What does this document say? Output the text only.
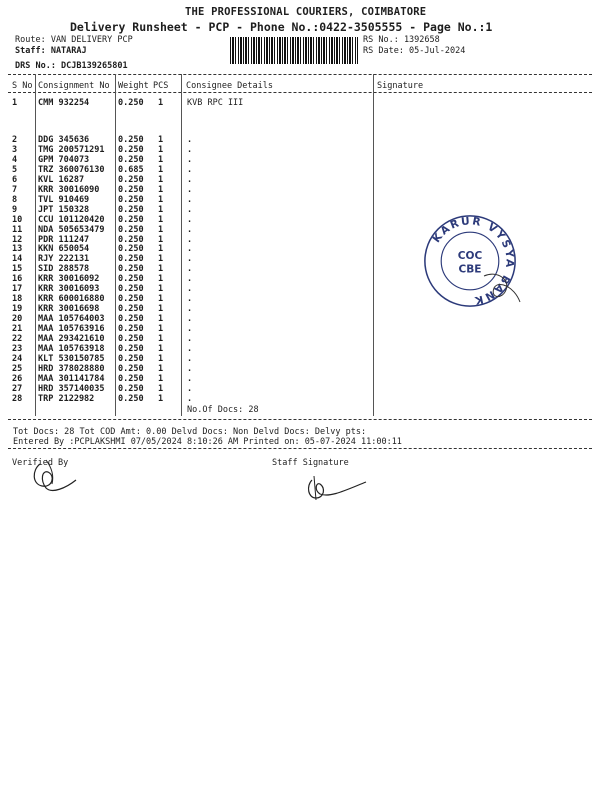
THE PROFESSIONAL COURIERS, COIMBATORE
Delivery Runsheet - PCP - Phone No.:0422-3505555 - Page No.:1
Route: VAN DELIVERY PCP
Staff: NATARAJ
DRS No.: DCJB139265801
RS No.: 1392658
RS Date: 05-Jul-2024
S No Consignment No Weight PCS Consignee Details	Signature
1 CMM 932254	0.250 1	KVB RPC III
2 DDG 345636	0.250 1	.
3 TMG 200571291 0.250 1	.
4 GPM 704073	0.250 1	.
5 TRZ 360076130 0.685 1	.
6 KVL 16287	0.250 1	.
7 KRR 30016090 0.250 1	.
8 TVL 910469	0.250 1	.
9 JPT 150328	0.250 1	.
10 CCU 101120420 0.250 1	.
11 NDA 505653479 0.250 1	.
12 PDR 111247	0.250 1	.
13 KKN 650054	0.250 1	.
14 RJY 222131	0.250 1	.
15 SID 288578	0.250 1	.
16 KRR 30016092 0.250 1	.
17 KRR 30016093 0.250 1	.
18 KRR 600016880 0.250 1	.
19 KRR 30016698 0.250 1	.
20 MAA 105764003 0.250 1	.
21 MAA 105763916 0.250 1	.
22 MAA 293421610 0.250 1	.
23 MAA 105763918 0.250 1	.
24 KLT 530150785 0.250 1	.
25 HRD 378028880 0.250 1	.
26 MAA 301141784 0.250 1	.
27 HRD 357140035 0.250 1	.
28 TRP 2122982	0.250 1	.
No.Of Docs: 28
KARUR VYSYA BANK
COC
CBE
Tot Docs: 28 Tot COD Amt: 0.00 Delvd Docs: Non Delvd Docs: Delvy pts:
Entered By :PCPLAKSHMI 07/05/2024 8:10:26 AM Printed on: 05-07-2024 11:00:11
Verified By	Staff Signature
